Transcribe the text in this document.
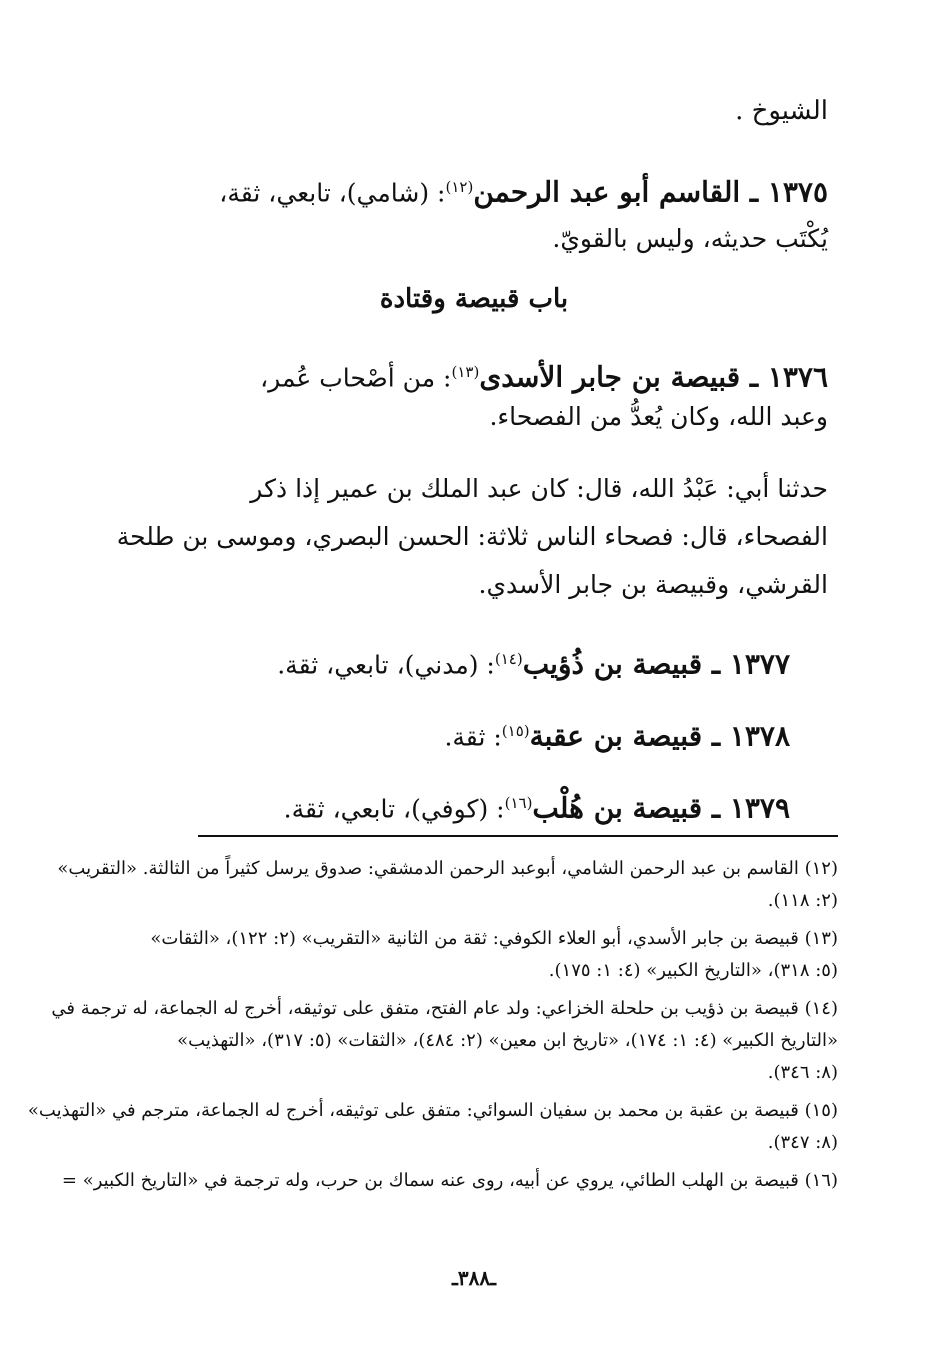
الشيوخ .
١٣٧٥ ـ القاسم أبو عبد الرحمن$^{(١٢)}$: (شامي)، تابعي، ثقة،
يُكْتَب حديثه، وليس بالقويّ.
باب قبيصة وقتادة
١٣٧٦ ـ قبيصة بن جابر الأسدى$^{(١٣)}$: من أصْحاب عُمر،
وعبد الله، وكان يُعدُّ من الفصحاء.
حدثنا أبي: عَبْدُ الله، قال: كان عبد الملك بن عمير إذا ذكر
الفصحاء، قال: فصحاء الناس ثلاثة: الحسن البصري، وموسى بن طلحة
القرشي، وقبيصة بن جابر الأسدي.
١٣٧٧ ـ قبيصة بن ذُؤيب$^{(١٤)}$: (مدني)، تابعي، ثقة.
١٣٧٨ ـ قبيصة بن عقبة$^{(١٥)}$: ثقة.
١٣٧٩ ـ قبيصة بن هُلْب$^{(١٦)}$: (كوفي)، تابعي، ثقة.
(١٢) القاسم بن عبد الرحمن الشامي، أبوعبد الرحمن الدمشقي: صدوق يرسل كثيراً من الثالثة. «التقريب»
(٢: ١١٨).
(١٣) قبيصة بن جابر الأسدي، أبو العلاء الكوفي: ثقة من الثانية «التقريب» (٢: ١٢٢)، «الثقات»
(٥: ٣١٨)، «التاريخ الكبير» (٤: ١: ١٧٥).
(١٤) قبيصة بن ذؤيب بن حلحلة الخزاعي: ولد عام الفتح، متفق على توثيقه، أخرج له الجماعة، له ترجمة في
«التاريخ الكبير» (٤: ١: ١٧٤)، «تاريخ ابن معين» (٢: ٤٨٤)، «الثقات» (٥: ٣١٧)، «التهذيب»
(٨: ٣٤٦).
(١٥) قبيصة بن عقبة بن محمد بن سفيان السوائي: متفق على توثيقه، أخرج له الجماعة، مترجم في «التهذيب»
(٨: ٣٤٧).
(١٦) قبيصة بن الهلب الطائي، يروي عن أبيه، روى عنه سماك بن حرب، وله ترجمة في «التاريخ الكبير» =
ـ٣٨٨ـ
